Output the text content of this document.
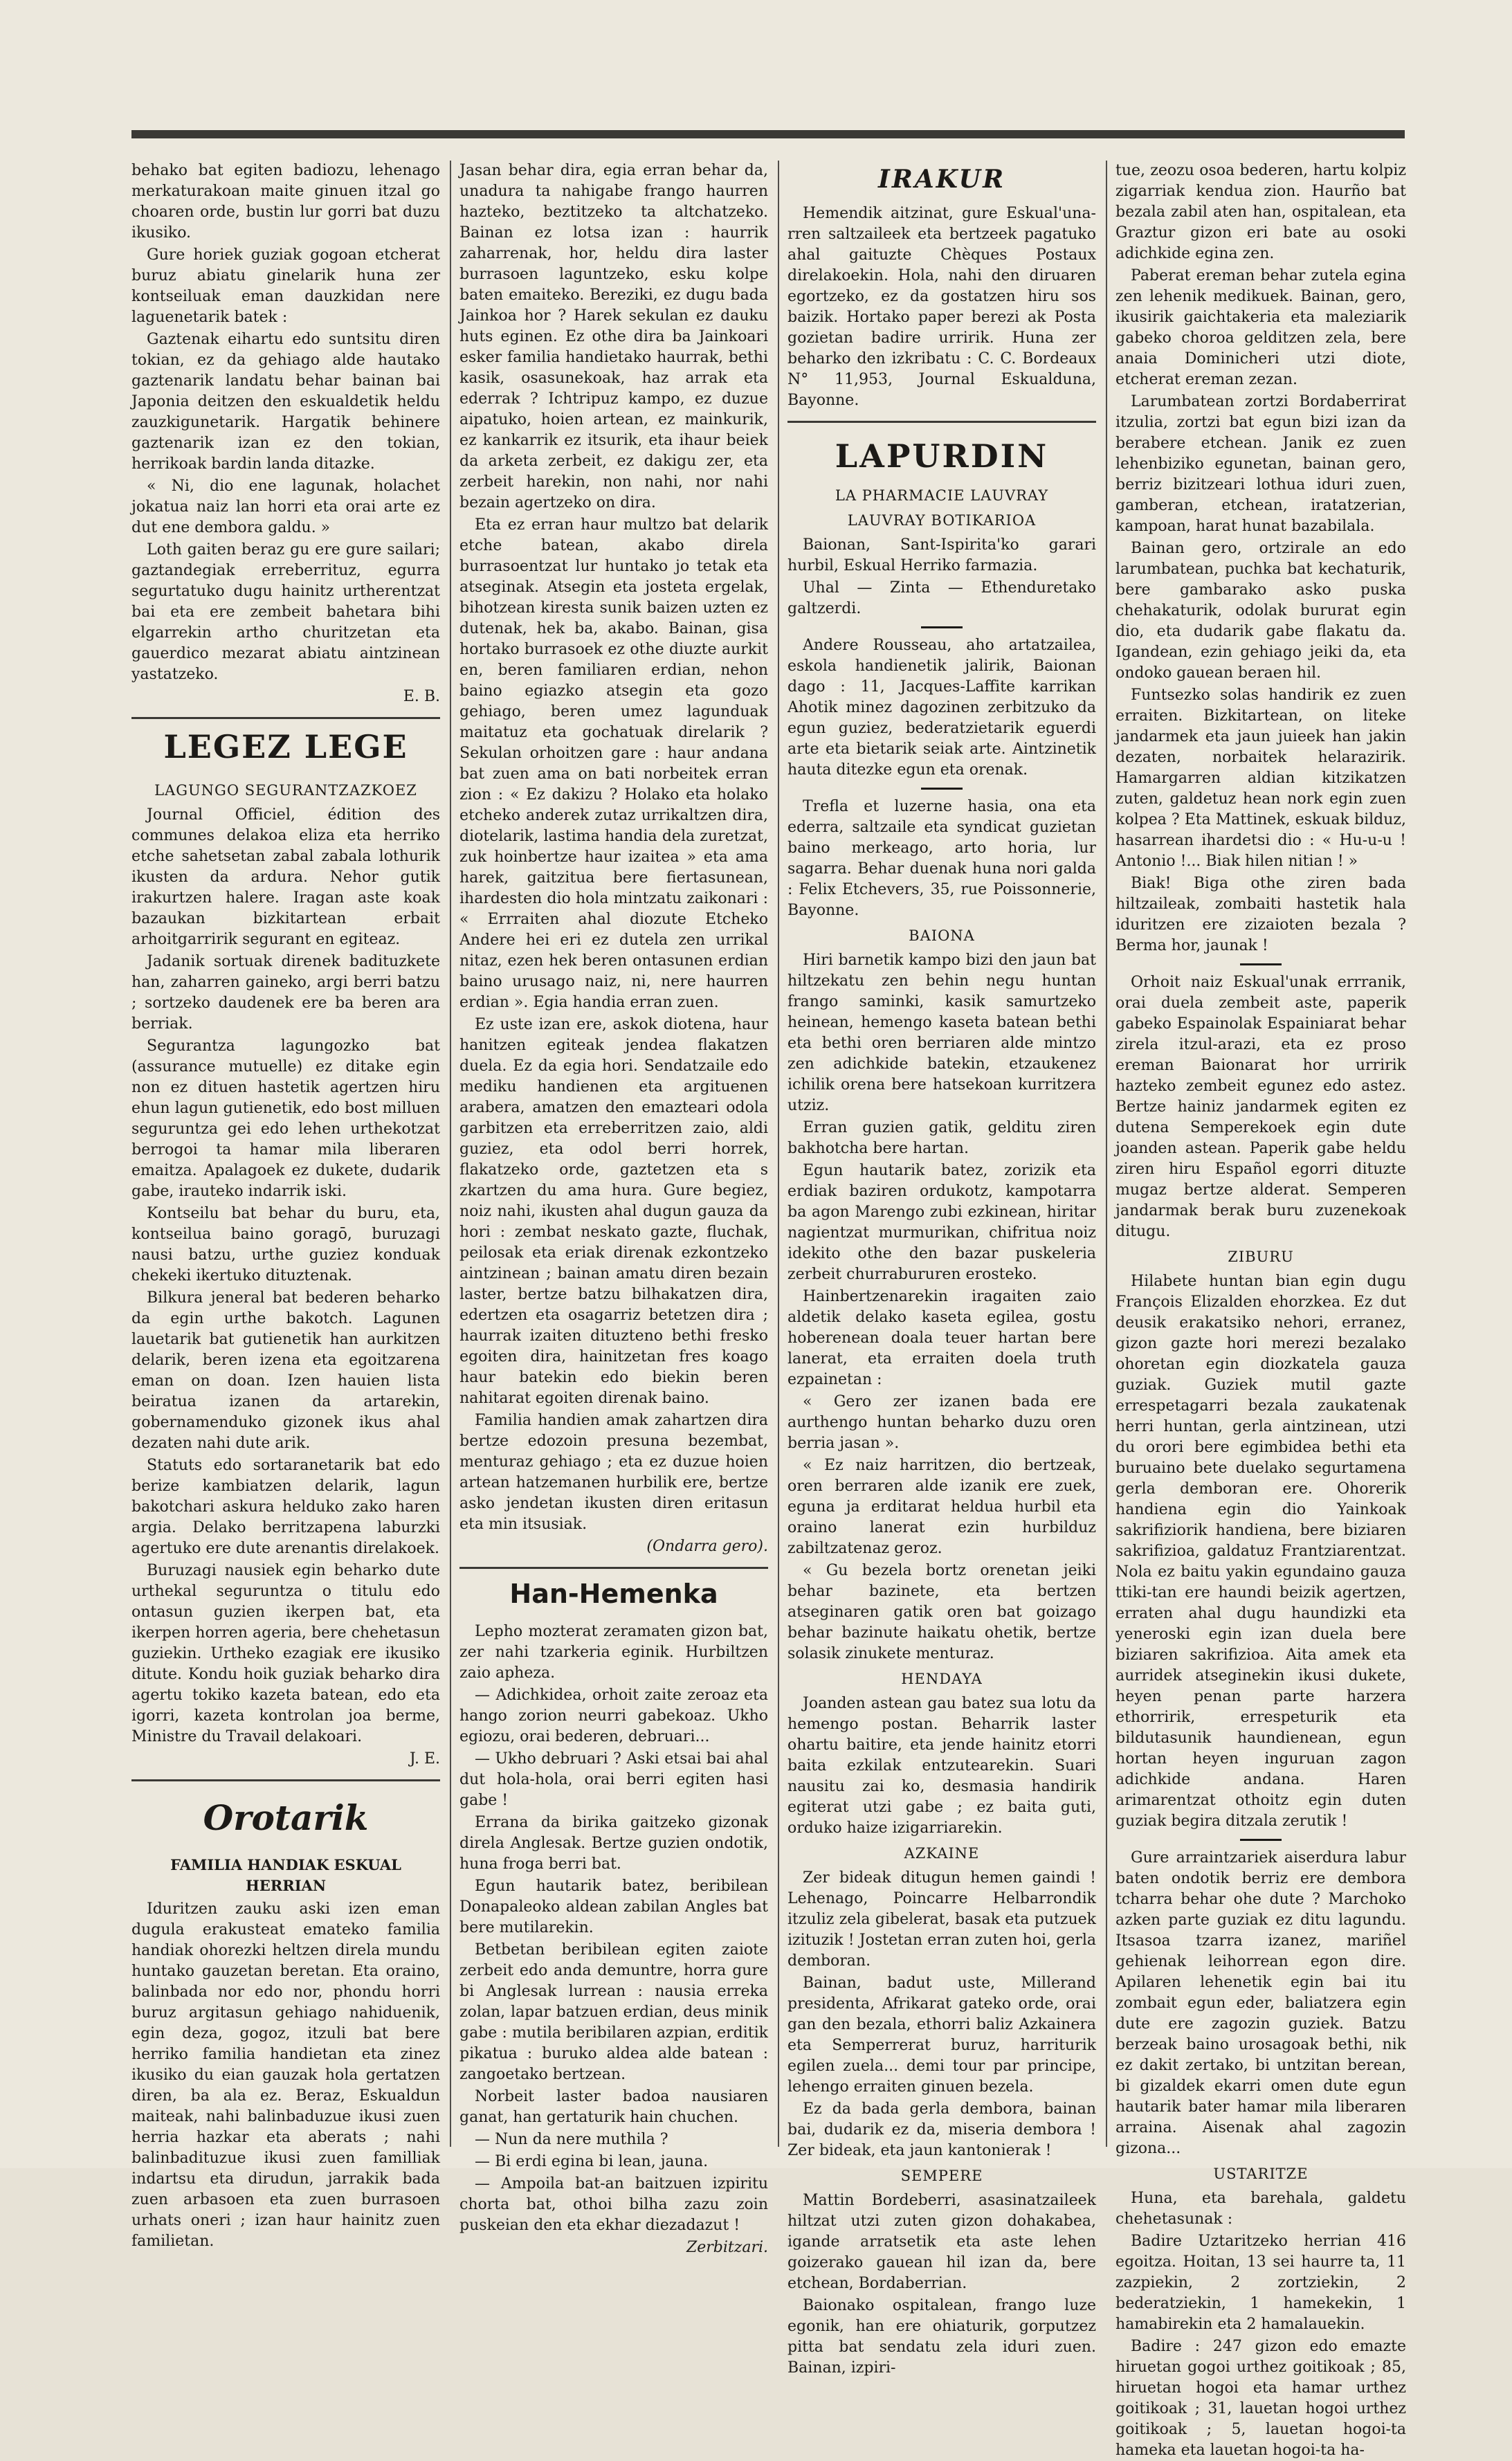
behako bat egiten badiozu, lehenago merkaturakoan maite ginuen itzal go choaren orde, bustin lur gorri bat duzu ikusiko.

Gure horiek guziak gogoan etcherat buruz abiatu ginelarik huna zer kontseiluak eman dauzkidan nere laguenetarik batek :

Gaztenak eihartu edo suntsitu diren tokian, ez da gehiago alde hautako gaztenarik landatu behar bainan bai Japonia deitzen den eskualdetik heldu zauzkigunetarik. Hargatik behinere gaztenarik izan ez den tokian, herrikoak bardin landa ditazke.

« Ni, dio ene lagunak, holachet jokatua naiz lan horri eta orai arte ez dut ene dembora galdu. »

Loth gaiten beraz gu ere gure sailari; gaztandegiak erreberrituz, egurra segurtatuko dugu hainitz urtherentzat bai eta ere zembeit bahetara bihi elgarrekin artho churitzetan eta gauerdico mezarat abiatu aintzinean yastatzeko.

E. B.

LEGEZ LEGE
LAGUNGO SEGURANTZAZKOEZ

Journal Officiel, édition des communes delakoa eliza eta herriko etche sahetsetan zabal zabala lothurik ikusten da ardura. Nehor gutik irakurtzen halere. Iragan aste koak bazaukan bizkitartean erbait arhoitgarririk segurant en egiteaz.

Jadanik sortuak direnek badituzkete han, zaharren gaineko, argi berri batzu ; sortzeko daudenek ere ba beren ara berriak.

Segurantza lagungozko bat (assurance mutuelle) ez ditake egin non ez dituen hastetik agertzen hiru ehun lagun gutienetik, edo bost milluen seguruntza gei edo lehen urthekotzat berrogoi ta hamar mila liberaren emaitza. Apalagoek ez dukete, dudarik gabe, irauteko indarrik iski.

Kontseilu bat behar du buru, eta, kontseilua baino goragō, buruzagi nausi batzu, urthe guziez konduak chekeki ikertuko dituztenak.

Bilkura jeneral bat bederen beharko da egin urthe bakotch. Lagunen lauetarik bat gutienetik han aurkitzen delarik, beren izena eta egoitzarena eman on doan. Izen hauien lista beiratua izanen da artarekin, gobernamenduko gizonek ikus ahal dezaten nahi dute arik.

Statuts edo sortaranetarik bat edo berize kambiatzen delarik, lagun bakotchari askura helduko zako haren argia. Delako berritzapena laburzki agertuko ere dute arenantis direlakoek.

Buruzagi nausiek egin beharko dute urthekal seguruntza o titulu edo ontasun guzien ikerpen bat, eta ikerpen horren ageria, bere chehetasun guziekin. Urtheko ezagiak ere ikusiko ditute. Kondu hoik guziak beharko dira agertu tokiko kazeta batean, edo eta igorri, kazeta kontrolan joa berme, Ministre du Travail delakoari.

J. E.

Orotarik
FAMILIA HANDIAK ESKUAL HERRIAN

Iduritzen zauku aski izen eman dugula erakusteat emateko familia handiak ohorezki heltzen direla mundu huntako gauzetan beretan. Eta oraino, balinbada nor edo nor, phondu horri buruz argitasun gehiago nahiduenik, egin deza, gogoz, itzuli bat bere herriko familia handietan eta zinez ikusiko du eian gauzak hola gertatzen diren, ba ala ez. Beraz, Eskualdun maiteak, nahi balinbaduzue ikusi zuen herria hazkar eta aberats ; nahi balinbadituzue ikusi zuen familliak indartsu eta dirudun, jarrakik bada zuen arbasoen eta zuen burrasoen urhats oneri ; izan haur hainitz zuen familietan.

Jasan behar dira, egia erran behar da, unadura ta nahigabe frango haurren hazteko, beztitzeko ta altchatzeko. Bainan ez lotsa izan : haurrik zaharrenak, hor, heldu dira laster burrasoen laguntzeko, esku kolpe baten emaiteko. Bereziki, ez dugu bada Jainkoa hor ? Harek sekulan ez dauku huts eginen. Ez othe dira ba Jainkoari esker familia handietako haurrak, bethi kasik, osasunekoak, haz arrak eta ederrak ? Ichtripuz kampo, ez duzue aipatuko, hoien artean, ez mainkurik, ez kankarrik ez itsurik, eta ihaur beiek da arketa zerbeit, ez dakigu zer, eta zerbeit harekin, non nahi, nor nahi bezain agertzeko on dira.

Eta ez erran haur multzo bat delarik etche batean, akabo direla burrasoentzat lur huntako jo tetak eta atseginak. Atsegin eta josteta ergelak, bihotzean kiresta sunik baizen uzten ez dutenak, hek ba, akabo. Bainan, gisa hortako burrasoek ez othe diuzte aurkit en, beren familiaren erdian, nehon baino egiazko atsegin eta gozo gehiago, beren umez lagunduak maitatuz eta gochatuak direlarik ? Sekulan orhoitzen gare : haur andana bat zuen ama on bati norbeitek erran zion : « Ez dakizu ? Holako eta holako etcheko anderek zutaz urrikaltzen dira, diotelarik, lastima handia dela zuretzat, zuk hoinbertze haur izaitea » eta ama harek, gaitzitua bere fiertasunean, ihardesten dio hola mintzatu zaikonari : « Errraiten ahal diozute Etcheko Andere hei eri ez dutela zen urrikal nitaz, ezen hek beren ontasunen erdian baino urusago naiz, ni, nere haurren erdian ». Egia handia erran zuen.

Ez uste izan ere, askok diotena, haur hanitzen egiteak jendea flakatzen duela. Ez da egia hori. Sendatzaile edo mediku handienen eta argituenen arabera, amatzen den emazteari odola garbitzen eta erreberritzen zaio, aldi guziez, eta odol berri horrek, flakatzeko orde, gaztetzen eta s zkartzen du ama hura. Gure begiez, noiz nahi, ikusten ahal dugun gauza da hori : zembat neskato gazte, fluchak, peilosak eta eriak direnak ezkontzeko aintzinean ; bainan amatu diren bezain laster, bertze batzu bilhakatzen dira, edertzen eta osagarriz betetzen dira ; haurrak izaiten dituzteno bethi fresko egoiten dira, hainitzetan fres koago haur batekin edo biekin beren nahitarat egoiten direnak baino.

Familia handien amak zahartzen dira bertze edozoin presuna bezembat, menturaz gehiago ; eta ez duzue hoien artean hatzemanen hurbilik ere, bertze asko jendetan ikusten diren eritasun eta min itsusiak.

(Ondarra gero).

Han-Hemenka

Lepho mozterat zeramaten gizon bat, zer nahi tzarkeria eginik. Hurbiltzen zaio apheza.

— Adichkidea, orhoit zaite zeroaz eta hango zorion neurri gabekoaz. Ukho egiozu, orai bederen, debruari...

— Ukho debruari ? Aski etsai bai ahal dut hola-hola, orai berri egiten hasi gabe !

Errana da birika gaitzeko gizonak direla Anglesak. Bertze guzien ondotik, huna froga berri bat.

Egun hautarik batez, beribilean Donapaleoko aldean zabilan Angles bat bere mutilarekin.

Betbetan beribilean egiten zaiote zerbeit edo anda demuntre, horra gure bi Anglesak lurrean : nausia erreka zolan, lapar batzuen erdian, deus minik gabe : mutila beribilaren azpian, erditik pikatua : buruko aldea alde batean : zangoetako bertzean.

Norbeit laster badoa nausiaren ganat, han gertaturik hain chuchen.

— Nun da nere muthila ?

— Bi erdi egina bi lean, jauna.

— Ampoila bat-an baitzuen izpiritu chorta bat, othoi bilha zazu zoin puskeian den eta ekhar diezadazut !

Zerbitzari.

IRAKUR

Hemendik aitzinat, gure Eskual'una-rren saltzaileek eta bertzeek pagatuko ahal gaituzte Chèques Postaux direlakoekin. Hola, nahi den diruaren egortzeko, ez da gostatzen hiru sos baizik. Hortako paper berezi ak Posta gozietan badire urririk. Huna zer beharko den izkribatu : C. C. Bordeaux N° 11,953, Journal Eskualduna, Bayonne.

LAPURDIN
LA PHARMACIE LAUVRAY
LAUVRAY BOTIKARIOA

Baionan, Sant-Ispirita'ko garari hurbil, Eskual Herriko farmazia.

Uhal — Zinta — Ethenduretako galtzerdi.

Andere Rousseau, aho artatzailea, eskola handienetik jalirik, Baionan dago : 11, Jacques-Laffite karrikan Ahotik minez dagozinen zerbitzuko da egun guziez, bederatzietarik eguerdi arte eta bietarik seiak arte. Aintzinetik hauta ditezke egun eta orenak.

Trefla et luzerne hasia, ona eta ederra, saltzaile eta syndicat guzietan baino merkeago, arto horia, lur sagarra. Behar duenak huna nori galda : Felix Etchevers, 35, rue Poissonnerie, Bayonne.

BAIONA

Hiri barnetik kampo bizi den jaun bat hiltzekatu zen behin negu huntan frango saminki, kasik samurtzeko heinean, hemengo kaseta batean bethi eta bethi oren berriaren alde mintzo zen adichkide batekin, etzaukenez ichilik orena bere hatsekoan kurritzera utziz.

Erran guzien gatik, gelditu ziren bakhotcha bere hartan.

Egun hautarik batez, zorizik eta erdiak baziren ordukotz, kampotarra ba agon Marengo zubi ezkinean, hiritar nagientzat murmurikan, chifritua noiz idekito othe den bazar puskeleria zerbeit churrabururen erosteko.

Hainbertzenarekin iragaiten zaio aldetik delako kaseta egilea, gostu hoberenean doala teuer hartan bere lanerat, eta erraiten doela truth ezpainetan :

« Gero zer izanen bada ere aurthengo huntan beharko duzu oren berria jasan ».

« Ez naiz harritzen, dio bertzeak, oren berraren alde izanik ere zuek, eguna ja erditarat heldua hurbil eta oraino lanerat ezin hurbilduz zabiltzatenaz geroz.

« Gu bezela bortz orenetan jeiki behar bazinete, eta bertzen atseginaren gatik oren bat goizago behar bazinute haikatu ohetik, bertze solasik zinukete menturaz.

HENDAYA

Joanden astean gau batez sua lotu da hemengo postan. Beharrik laster ohartu baitire, eta jende hainitz etorri baita ezkilak entzutearekin. Suari nausitu zai ko, desmasia handirik egiterat utzi gabe ; ez baita guti, orduko haize izigarriarekin.

AZKAINE

Zer bideak ditugun hemen gaindi ! Lehenago, Poincarre Helbarrondik itzuliz zela gibelerat, basak eta putzuek izituzik ! Jostetan erran zuten hoi, gerla demboran.

Bainan, badut uste, Millerand presidenta, Afrikarat gateko orde, orai gan den bezala, ethorri baliz Azkainera eta Semperrerat buruz, harriturik egilen zuela... demi tour par principe, lehengo erraiten ginuen bezela.

Ez da bada gerla dembora, bainan bai, dudarik ez da, miseria dembora ! Zer bideak, eta jaun kantonierak !

SEMPERE

Mattin Bordeberri, asasinatzaileek hiltzat utzi zuten gizon dohakabea, igande arratsetik eta aste lehen goizerako gauean hil izan da, bere etchean, Bordaberrian.

Baionako ospitalean, frango luze egonik, han ere ohiaturik, gorputzez pitta bat sendatu zela iduri zuen. Bainan, izpiri-

tue, zeozu osoa bederen, hartu kolpiz zigarriak kendua zion. Haurño bat bezala zabil aten han, ospitalean, eta Graztur gizon eri bate au osoki adichkide egina zen.

Paberat ereman behar zutela egina zen lehenik medikuek. Bainan, gero, ikusirik gaichtakeria eta maleziarik gabeko choroa gelditzen zela, bere anaia Dominicheri utzi diote, etcherat ereman zezan.

Larumbatean zortzi Bordaberrirat itzulia, zortzi bat egun bizi izan da berabere etchean. Janik ez zuen lehenbiziko egunetan, bainan gero, berriz bizitzeari lothua iduri zuen, gamberan, etchean, iratatzerian, kampoan, harat hunat bazabilala.

Bainan gero, ortzirale an edo larumbatean, puchka bat kechaturik, bere gambarako asko puska chehakaturik, odolak bururat egin dio, eta dudarik gabe flakatu da. Igandean, ezin gehiago jeiki da, eta ondoko gauean beraen hil.

Funtsezko solas handirik ez zuen erraiten. Bizkitartean, on liteke jandarmek eta jaun juieek han jakin dezaten, norbaitek helarazirik. Hamargarren aldian kitzikatzen zuten, galdetuz hean nork egin zuen kolpea ? Eta Mattinek, eskuak bilduz, hasarrean ihardetsi dio : « Hu-u-u ! Antonio !... Biak hilen nitian ! »

Biak! Biga othe ziren bada hiltzaileak, zombaiti hastetik hala iduritzen ere zizaioten bezala ? Berma hor, jaunak !

Orhoit naiz Eskual'unak errranik, orai duela zembeit aste, paperik gabeko Espainolak Espainiarat behar zirela itzul-arazi, eta ez proso ereman Baionarat hor urririk hazteko zembeit egunez edo astez. Bertze hainiz jandarmek egiten ez dutena Semperekoek egin dute joanden astean. Paperik gabe heldu ziren hiru Español egorri dituzte mugaz bertze alderat. Semperen jandarmak berak buru zuzenekoak ditugu.

ZIBURU

Hilabete huntan bian egin dugu François Elizalden ehorzkea. Ez dut deusik erakatsiko nehori, erranez, gizon gazte hori merezi bezalako ohoretan egin diozkatela gauza guziak. Guziek mutil gazte errespetagarri bezala zaukatenak herri huntan, gerla aintzinean, utzi du orori bere egimbidea bethi eta buruaino bete duelako segurtamena gerla demboran ere. Ohorerik handiena egin dio Yainkoak sakrifiziorik handiena, bere biziaren sakrifizioa, galdatuz Frantziarentzat. Nola ez baitu yakin egundaino gauza ttiki-tan ere haundi beizik agertzen, erraten ahal dugu haundizki eta yeneroski egin izan duela bere biziaren sakrifizioa. Aita amek eta aurridek atseginekin ikusi dukete, heyen penan parte harzera ethorririk, errespeturik eta bildutasunik haundienean, egun hortan heyen inguruan zagon adichkide andana. Haren arimarentzat othoitz egin duten guziak begira ditzala zerutik !

Gure arraintzariek aiserdura labur baten ondotik berriz ere dembora tcharra behar ohe dute ? Marchoko azken parte guziak ez ditu lagundu. Itsasoa tzarra izanez, mariñel gehienak leihorrean egon dire. Apilaren lehenetik egin bai itu zombait egun eder, baliatzera egin dute ere zagozin guziek. Batzu berzeak baino urosagoak bethi, nik ez dakit zertako, bi untzitan berean, bi gizaldek ekarri omen dute egun hautarik bater hamar mila liberaren arraina. Aisenak ahal zagozin gizona...

USTARITZE

Huna, eta barehala, galdetu chehetasunak :

Badire Uztaritzeko herrian 416 egoitza. Hoitan, 13 sei haurre ta, 11 zazpiekin, 2 zortziekin, 2 bederatziekin, 1 hamekekin, 1 hamabirekin eta 2 hamalauekin.

Badire : 247 gizon edo emazte hiruetan gogoi urthez goitikoak ; 85, hiruetan hogoi eta hamar urthez goitikoak ; 31, lauetan hogoi urthez goitikoak ; 5, lauetan hogoi-ta hameka eta lauetan hogoi-ta ha-
